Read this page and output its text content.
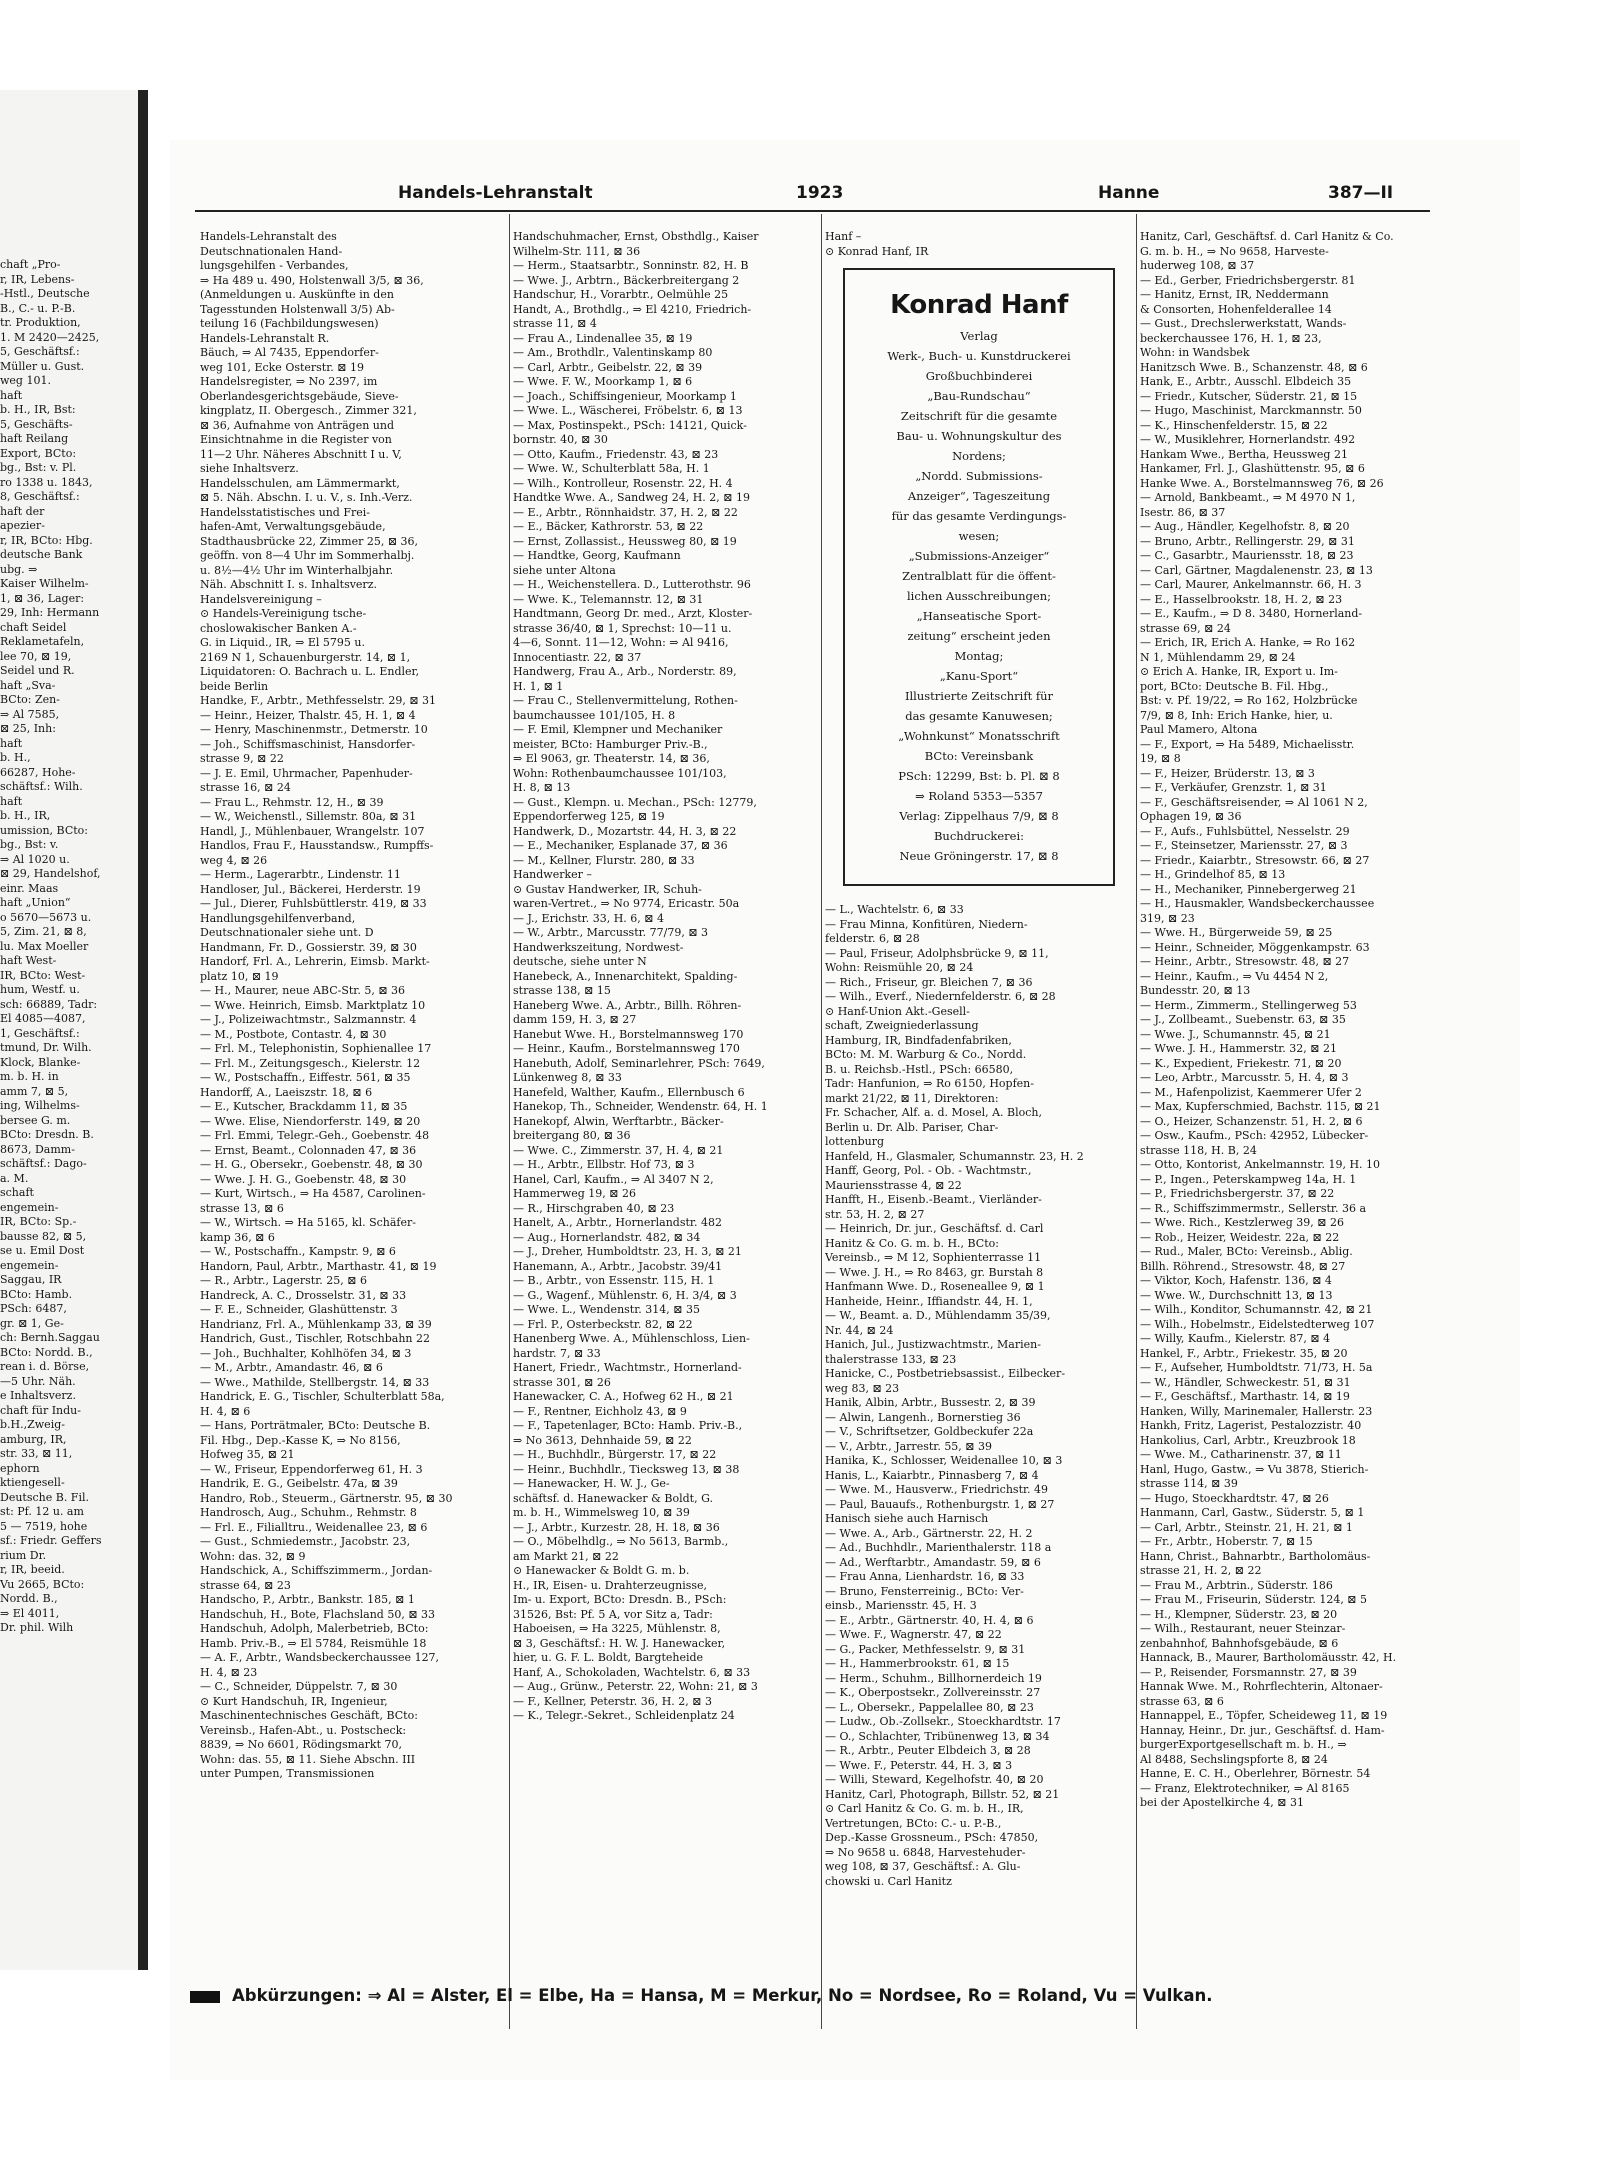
chaft „Pro-
r, IR, Lebens-
-Hstl., Deutsche
B., C.- u. P.-B.
tr. Produktion,
1. M 2420—2425,
5, Geschäftsf.:
Müller u. Gust.
weg 101.
haft
b. H., IR, Bst:
5, Geschäfts-
haft Reilang
Export, BCto:
bg., Bst: v. Pl.
ro 1338 u. 1843,
8, Geschäftsf.:
haft der
apezier-
r, IR, BCto: Hbg.
deutsche Bank
ubg. ⇒
Kaiser Wilhelm-
1, ⊠ 36, Lager:
29, Inh: Hermann
chaft Seidel
Reklametafeln,
lee 70, ⊠ 19,
Seidel und R.
haft „Sva-
BCto: Zen-
⇒ Al 7585,
⊠ 25, Inh:
haft
b. H.,
66287, Hohe-
schäftsf.: Wilh.
haft
b. H., IR,
umission, BCto:
bg., Bst: v.
⇒ Al 1020 u.
⊠ 29, Handelshof,
einr. Maas
haft „Union“
o 5670—5673 u.
5, Zim. 21, ⊠ 8,
lu. Max Moeller
haft West-
IR, BCto: West-
hum, Westf. u.
sch: 66889, Tadr:
El 4085—4087,
1, Geschäftsf.:
tmund, Dr. Wilh.
Klock, Blanke-
m. b. H. in
amm 7, ⊠ 5,
ing, Wilhelms-
bersee G. m.
BCto: Dresdn. B.
8673, Damm-
schäftsf.: Dago-
a. M.
schaft
engemein-
IR, BCto: Sp.-
bausse 82, ⊠ 5,
se u. Emil Dost
engemein-
Saggau, IR
BCto: Hamb.
PSch: 6487,
gr. ⊠ 1, Ge-
ch: Bernh.Saggau
BCto: Nordd. B.,
rean i. d. Börse,
—5 Uhr. Näh.
e Inhaltsverz.
chaft für Indu-
b.H.,Zweig-
amburg, IR,
str. 33, ⊠ 11,
ephorn
ktiengesell-
Deutsche B. Fil.
st: Pf. 12 u. am
5 — 7519, hohe
sf.: Friedr. Geffers
rium Dr.
r, IR, beeid.
Vu 2665, BCto:
Nordd. B.,
⇒ El 4011,
Dr. phil. Wilh
Handels-Lehranstalt	1923	Hanne	387—II
Handels-Lehranstalt des
Deutschnationalen Hand-
lungsgehilfen - Verbandes,
⇒ Ha 489 u. 490, Holstenwall 3/5, ⊠ 36,
(Anmeldungen u. Auskünfte in den
Tagesstunden Holstenwall 3/5) Ab-
teilung 16 (Fachbildungswesen)
Handels-Lehranstalt R.
Bäuch, ⇒ Al 7435, Eppendorfer-
weg 101, Ecke Osterstr. ⊠ 19
Handelsregister, ⇒ No 2397, im
Oberlandesgerichtsgebäude, Sieve-
kingplatz, II. Obergesch., Zimmer 321,
⊠ 36, Aufnahme von Anträgen und
Einsichtnahme in die Register von
11—2 Uhr. Näheres Abschnitt I u. V,
siehe Inhaltsverz.
Handelsschulen, am Lämmermarkt,
⊠ 5. Näh. Abschn. I. u. V., s. Inh.-Verz.
Handelsstatistisches und Frei-
hafen-Amt, Verwaltungsgebäude,
Stadthausbrücke 22, Zimmer 25, ⊠ 36,
geöffn. von 8—4 Uhr im Sommerhalbj.
u. 8½—4½ Uhr im Winterhalbjahr.
Näh. Abschnitt I. s. Inhaltsverz.
Handelsvereinigung –
⊙ Handels-Vereinigung tsche-
choslowakischer Banken A.-
G. in Liquid., IR, ⇒ El 5795 u.
2169 N 1, Schauenburgerstr. 14, ⊠ 1,
Liquidatoren: O. Bachrach u. L. Endler,
beide Berlin
Handke, F., Arbtr., Methfesselstr. 29, ⊠ 31
— Heinr., Heizer, Thalstr. 45, H. 1, ⊠ 4
— Henry, Maschinenmstr., Detmerstr. 10
— Joh., Schiffsmaschinist, Hansdorfer-
strasse 9, ⊠ 22
— J. E. Emil, Uhrmacher, Papenhuder-
strasse 16, ⊠ 24
— Frau L., Rehmstr. 12, H., ⊠ 39
— W., Weichenstl., Sillemstr. 80a, ⊠ 31
Handl, J., Mühlenbauer, Wrangelstr. 107
Handlos, Frau F., Hausstandsw., Rumpffs-
weg 4, ⊠ 26
— Herm., Lagerarbtr., Lindenstr. 11
Handloser, Jul., Bäckerei, Herderstr. 19
— Jul., Dierer, Fuhlsbüttlerstr. 419, ⊠ 33
Handlungsgehilfenverband,
Deutschnationaler siehe unt. D
Handmann, Fr. D., Gossierstr. 39, ⊠ 30
Handorf, Frl. A., Lehrerin, Eimsb. Markt-
platz 10, ⊠ 19
— H., Maurer, neue ABC-Str. 5, ⊠ 36
— Wwe. Heinrich, Eimsb. Marktplatz 10
— J., Polizeiwachtmstr., Salzmannstr. 4
— M., Postbote, Contastr. 4, ⊠ 30
— Frl. M., Telephonistin, Sophienallee 17
— Frl. M., Zeitungsgesch., Kielerstr. 12
— W., Postschaffn., Eiffestr. 561, ⊠ 35
Handorff, A., Laeiszstr. 18, ⊠ 6
— E., Kutscher, Brackdamm 11, ⊠ 35
— Wwe. Elise, Niendorferstr. 149, ⊠ 20
— Frl. Emmi, Telegr.-Geh., Goebenstr. 48
— Ernst, Beamt., Colonnaden 47, ⊠ 36
— H. G., Obersekr., Goebenstr. 48, ⊠ 30
— Wwe. J. H. G., Goebenstr. 48, ⊠ 30
— Kurt, Wirtsch., ⇒ Ha 4587, Carolinen-
strasse 13, ⊠ 6
— W., Wirtsch. ⇒ Ha 5165, kl. Schäfer-
kamp 36, ⊠ 6
— W., Postschaffn., Kampstr. 9, ⊠ 6
Handorn, Paul, Arbtr., Marthastr. 41, ⊠ 19
— R., Arbtr., Lagerstr. 25, ⊠ 6
Handreck, A. C., Drosselstr. 31, ⊠ 33
— F. E., Schneider, Glashüttenstr. 3
Handrianz, Frl. A., Mühlenkamp 33, ⊠ 39
Handrich, Gust., Tischler, Rotschbahn 22
— Joh., Buchhalter, Kohlhöfen 34, ⊠ 3
— M., Arbtr., Amandastr. 46, ⊠ 6
— Wwe., Mathilde, Stellbergstr. 14, ⊠ 33
Handrick, E. G., Tischler, Schulterblatt 58a,
H. 4, ⊠ 6
— Hans, Porträtmaler, BCto: Deutsche B.
Fil. Hbg., Dep.-Kasse K, ⇒ No 8156,
Hofweg 35, ⊠ 21
— W., Friseur, Eppendorferweg 61, H. 3
Handrik, E. G., Geibelstr. 47a, ⊠ 39
Handro, Rob., Steuerm., Gärtnerstr. 95, ⊠ 30
Handrosch, Aug., Schuhm., Rehmstr. 8
— Frl. E., Filialltru., Weidenallee 23, ⊠ 6
— Gust., Schmiedemstr., Jacobstr. 23,
Wohn: das. 32, ⊠ 9
Handschick, A., Schiffszimmerm., Jordan-
strasse 64, ⊠ 23
Handscho, P., Arbtr., Bankstr. 185, ⊠ 1
Handschuh, H., Bote, Flachsland 50, ⊠ 33
Handschuh, Adolph, Malerbetrieb, BCto:
Hamb. Priv.-B., ⇒ El 5784, Reismühle 18
— A. F., Arbtr., Wandsbeckerchaussee 127,
H. 4, ⊠ 23
— C., Schneider, Düppelstr. 7, ⊠ 30
⊙ Kurt Handschuh, IR, Ingenieur,
Maschinentechnisches Geschäft, BCto:
Vereinsb., Hafen-Abt., u. Postscheck:
8839, ⇒ No 6601, Rödingsmarkt 70,
Wohn: das. 55, ⊠ 11. Siehe Abschn. III
unter Pumpen, Transmissionen
Handschuhmacher, Ernst, Obsthdlg., Kaiser
Wilhelm-Str. 111, ⊠ 36
— Herm., Staatsarbtr., Sonninstr. 82, H. B
— Wwe. J., Arbtrn., Bäckerbreitergang 2
Handschur, H., Vorarbtr., Oelmühle 25
Handt, A., Brothdlg., ⇒ El 4210, Friedrich-
strasse 11, ⊠ 4
— Frau A., Lindenallee 35, ⊠ 19
— Am., Brothdlr., Valentinskamp 80
— Carl, Arbtr., Geibelstr. 22, ⊠ 39
— Wwe. F. W., Moorkamp 1, ⊠ 6
— Joach., Schiffsingenieur, Moorkamp 1
— Wwe. L., Wäscherei, Fröbelstr. 6, ⊠ 13
— Max, Postinspekt., PSch: 14121, Quick-
bornstr. 40, ⊠ 30
— Otto, Kaufm., Friedenstr. 43, ⊠ 23
— Wwe. W., Schulterblatt 58a, H. 1
— Wilh., Kontrolleur, Rosenstr. 22, H. 4
Handtke Wwe. A., Sandweg 24, H. 2, ⊠ 19
— E., Arbtr., Rönnhaidstr. 37, H. 2, ⊠ 22
— E., Bäcker, Kathrorstr. 53, ⊠ 22
— Ernst, Zollassist., Heussweg 80, ⊠ 19
— Handtke, Georg, Kaufmann
siehe unter Altona
— H., Weichenstellera. D., Lutterothstr. 96
— Wwe. K., Telemannstr. 12, ⊠ 31
Handtmann, Georg Dr. med., Arzt, Kloster-
strasse 36/40, ⊠ 1, Sprechst: 10—11 u.
4—6, Sonnt. 11—12, Wohn: ⇒ Al 9416,
Innocentiastr. 22, ⊠ 37
Handwerg, Frau A., Arb., Norderstr. 89,
H. 1, ⊠ 1
— Frau C., Stellenvermittelung, Rothen-
baumchaussee 101/105, H. 8
— F. Emil, Klempner und Mechaniker
meister, BCto: Hamburger Priv.-B.,
⇒ El 9063, gr. Theaterstr. 14, ⊠ 36,
Wohn: Rothenbaumchaussee 101/103,
H. 8, ⊠ 13
— Gust., Klempn. u. Mechan., PSch: 12779,
Eppendorferweg 125, ⊠ 19
Handwerk, D., Mozartstr. 44, H. 3, ⊠ 22
— E., Mechaniker, Esplanade 37, ⊠ 36
— M., Kellner, Flurstr. 280, ⊠ 33
Handwerker –
⊙ Gustav Handwerker, IR, Schuh-
waren-Vertret., ⇒ No 9774, Ericastr. 50a
— J., Erichstr. 33, H. 6, ⊠ 4
— W., Arbtr., Marcusstr. 77/79, ⊠ 3
Handwerkszeitung, Nordwest-
deutsche, siehe unter N
Hanebeck, A., Innenarchitekt, Spalding-
strasse 138, ⊠ 15
Haneberg Wwe. A., Arbtr., Billh. Röhren-
damm 159, H. 3, ⊠ 27
Hanebut Wwe. H., Borstelmannsweg 170
— Heinr., Kaufm., Borstelmannsweg 170
Hanebuth, Adolf, Seminarlehrer, PSch: 7649,
Lünkenweg 8, ⊠ 33
Hanefeld, Walther, Kaufm., Ellernbusch 6
Hanekop, Th., Schneider, Wendenstr. 64, H. 1
Hanekopf, Alwin, Werftarbtr., Bäcker-
breitergang 80, ⊠ 36
— Wwe. C., Zimmerstr. 37, H. 4, ⊠ 21
— H., Arbtr., Ellbstr. Hof 73, ⊠ 3
Hanel, Carl, Kaufm., ⇒ Al 3407 N 2,
Hammerweg 19, ⊠ 26
— R., Hirschgraben 40, ⊠ 23
Hanelt, A., Arbtr., Hornerlandstr. 482
— Aug., Hornerlandstr. 482, ⊠ 34
— J., Dreher, Humboldtstr. 23, H. 3, ⊠ 21
Hanemann, A., Arbtr., Jacobstr. 39/41
— B., Arbtr., von Essenstr. 115, H. 1
— G., Wagenf., Mühlenstr. 6, H. 3/4, ⊠ 3
— Wwe. L., Wendenstr. 314, ⊠ 35
— Frl. P., Osterbeckstr. 82, ⊠ 22
Hanenberg Wwe. A., Mühlenschloss, Lien-
hardstr. 7, ⊠ 33
Hanert, Friedr., Wachtmstr., Hornerland-
strasse 301, ⊠ 26
Hanewacker, C. A., Hofweg 62 H., ⊠ 21
— F., Rentner, Eichholz 43, ⊠ 9
— F., Tapetenlager, BCto: Hamb. Priv.-B.,
⇒ No 3613, Dehnhaide 59, ⊠ 22
— H., Buchhdlr., Bürgerstr. 17, ⊠ 22
— Heinr., Buchhdlr., Tiecksweg 13, ⊠ 38
— Hanewacker, H. W. J., Ge-
schäftsf. d. Hanewacker & Boldt, G.
m. b. H., Wimmelsweg 10, ⊠ 39
— J., Arbtr., Kurzestr. 28, H. 18, ⊠ 36
— O., Möbelhdlg., ⇒ No 5613, Barmb.,
am Markt 21, ⊠ 22
⊙ Hanewacker & Boldt G. m. b.
H., IR, Eisen- u. Drahterzeugnisse,
Im- u. Export, BCto: Dresdn. B., PSch:
31526, Bst: Pf. 5 A, vor Sitz a, Tadr:
Haboeisen, ⇒ Ha 3225, Mühlenstr. 8,
⊠ 3, Geschäftsf.: H. W. J. Hanewacker,
hier, u. G. F. L. Boldt, Bargteheide
Hanf, A., Schokoladen, Wachtelstr. 6, ⊠ 33
— Aug., Grünw., Peterstr. 22, Wohn: 21, ⊠ 3
— F., Kellner, Peterstr. 36, H. 2, ⊠ 3
— K., Telegr.-Sekret., Schleidenplatz 24
Hanf –
⊙ Konrad Hanf, IR
Konrad Hanf
Verlag
Werk-, Buch- u. Kunstdruckerei
Großbuchbinderei
„Bau-Rundschau“
Zeitschrift für die gesamte
Bau- u. Wohnungskultur des
Nordens;
„Nordd. Submissions-
Anzeiger“, Tageszeitung
für das gesamte Verdingungs-
wesen;
„Submissions-Anzeiger“
Zentralblatt für die öffent-
lichen Ausschreibungen;
„Hanseatische Sport-
zeitung“ erscheint jeden
Montag;
„Kanu-Sport“
Illustrierte Zeitschrift für
das gesamte Kanuwesen;
„Wohnkunst“ Monatsschrift
BCto: Vereinsbank
PSch: 12299, Bst: b. Pl. ⊠ 8
⇒ Roland 5353—5357
Verlag: Zippelhaus 7/9, ⊠ 8
Buchdruckerei:
Neue Gröningerstr. 17, ⊠ 8
— L., Wachtelstr. 6, ⊠ 33
— Frau Minna, Konfitüren, Niedern-
felderstr. 6, ⊠ 28
— Paul, Friseur, Adolphsbrücke 9, ⊠ 11,
Wohn: Reismühle 20, ⊠ 24
— Rich., Friseur, gr. Bleichen 7, ⊠ 36
— Wilh., Everf., Niedernfelderstr. 6, ⊠ 28
⊙ Hanf-Union Akt.-Gesell-
schaft, Zweigniederlassung
Hamburg, IR, Bindfadenfabriken,
BCto: M. M. Warburg & Co., Nordd.
B. u. Reichsb.-Hstl., PSch: 66580,
Tadr: Hanfunion, ⇒ Ro 6150, Hopfen-
markt 21/22, ⊠ 11, Direktoren:
Fr. Schacher, Alf. a. d. Mosel, A. Bloch,
Berlin u. Dr. Alb. Pariser, Char-
lottenburg
Hanfeld, H., Glasmaler, Schumannstr. 23, H. 2
Hanff, Georg, Pol. - Ob. - Wachtmstr.,
Mauriensstrasse 4, ⊠ 22
Hanfft, H., Eisenb.-Beamt., Vierländer-
str. 53, H. 2, ⊠ 27
— Heinrich, Dr. jur., Geschäftsf. d. Carl
Hanitz & Co. G. m. b. H., BCto:
Vereinsb., ⇒ M 12, Sophienterrasse 11
— Wwe. J. H., ⇒ Ro 8463, gr. Burstah 8
Hanfmann Wwe. D., Roseneallee 9, ⊠ 1
Hanheide, Heinr., Iffiandstr. 44, H. 1,
— W., Beamt. a. D., Mühlendamm 35/39,
Nr. 44, ⊠ 24
Hanich, Jul., Justizwachtmstr., Marien-
thalerstrasse 133, ⊠ 23
Hanicke, C., Postbetriebsassist., Eilbecker-
weg 83, ⊠ 23
Hanik, Albin, Arbtr., Bussestr. 2, ⊠ 39
— Alwin, Langenh., Bornerstieg 36
— V., Schriftsetzer, Goldbeckufer 22a
— V., Arbtr., Jarrestr. 55, ⊠ 39
Hanika, K., Schlosser, Weidenallee 10, ⊠ 3
Hanis, L., Kaiarbtr., Pinnasberg 7, ⊠ 4
— Wwe. M., Hausverw., Friedrichstr. 49
— Paul, Bauaufs., Rothenburgstr. 1, ⊠ 27
Hanisch siehe auch Harnisch
— Wwe. A., Arb., Gärtnerstr. 22, H. 2
— Ad., Buchhdlr., Marienthalerstr. 118 a
— Ad., Werftarbtr., Amandastr. 59, ⊠ 6
— Frau Anna, Lienhardstr. 16, ⊠ 33
— Bruno, Fensterreinig., BCto: Ver-
einsb., Mariensstr. 45, H. 3
— E., Arbtr., Gärtnerstr. 40, H. 4, ⊠ 6
— Wwe. F., Wagnerstr. 47, ⊠ 22
— G., Packer, Methfesselstr. 9, ⊠ 31
— H., Hammerbrookstr. 61, ⊠ 15
— Herm., Schuhm., Billhornerdeich 19
— K., Oberpostsekr., Zollvereinsstr. 27
— L., Obersekr., Pappelallee 80, ⊠ 23
— Ludw., Ob.-Zollsekr., Stoeckhardtstr. 17
— O., Schlachter, Tribünenweg 13, ⊠ 34
— R., Arbtr., Peuter Elbdeich 3, ⊠ 28
— Wwe. F., Peterstr. 44, H. 3, ⊠ 3
— Willi, Steward, Kegelhofstr. 40, ⊠ 20
Hanitz, Carl, Photograph, Billstr. 52, ⊠ 21
⊙ Carl Hanitz & Co. G. m. b. H., IR,
Vertretungen, BCto: C.- u. P.-B.,
Dep.-Kasse Grossneum., PSch: 47850,
⇒ No 9658 u. 6848, Harvestehuder-
weg 108, ⊠ 37, Geschäftsf.: A. Glu-
chowski u. Carl Hanitz
Hanitz, Carl, Geschäftsf. d. Carl Hanitz & Co.
G. m. b. H., ⇒ No 9658, Harveste-
huderweg 108, ⊠ 37
— Ed., Gerber, Friedrichsbergerstr. 81
— Hanitz, Ernst, IR, Neddermann
& Consorten, Hohenfelderallee 14
— Gust., Drechslerwerkstatt, Wands-
beckerchaussee 176, H. 1, ⊠ 23,
Wohn: in Wandsbek
Hanitzsch Wwe. B., Schanzenstr. 48, ⊠ 6
Hank, E., Arbtr., Ausschl. Elbdeich 35
— Friedr., Kutscher, Süderstr. 21, ⊠ 15
— Hugo, Maschinist, Marckmannstr. 50
— K., Hinschenfelderstr. 15, ⊠ 22
— W., Musiklehrer, Hornerlandstr. 492
Hankam Wwe., Bertha, Heussweg 21
Hankamer, Frl. J., Glashüttenstr. 95, ⊠ 6
Hanke Wwe. A., Borstelmannsweg 76, ⊠ 26
— Arnold, Bankbeamt., ⇒ M 4970 N 1,
Isestr. 86, ⊠ 37
— Aug., Händler, Kegelhofstr. 8, ⊠ 20
— Bruno, Arbtr., Rellingerstr. 29, ⊠ 31
— C., Gasarbtr., Mauriensstr. 18, ⊠ 23
— Carl, Gärtner, Magdalenenstr. 23, ⊠ 13
— Carl, Maurer, Ankelmannstr. 66, H. 3
— E., Hasselbrookstr. 18, H. 2, ⊠ 23
— E., Kaufm., ⇒ D 8. 3480, Hornerland-
strasse 69, ⊠ 24
— Erich, IR, Erich A. Hanke, ⇒ Ro 162
N 1, Mühlendamm 29, ⊠ 24
⊙ Erich A. Hanke, IR, Export u. Im-
port, BCto: Deutsche B. Fil. Hbg.,
Bst: v. Pf. 19/22, ⇒ Ro 162, Holzbrücke
7/9, ⊠ 8, Inh: Erich Hanke, hier, u.
Paul Mamero, Altona
— F., Export, ⇒ Ha 5489, Michaelisstr.
19, ⊠ 8
— F., Heizer, Brüderstr. 13, ⊠ 3
— F., Verkäufer, Grenzstr. 1, ⊠ 31
— F., Geschäftsreisender, ⇒ Al 1061 N 2,
Ophagen 19, ⊠ 36
— F., Aufs., Fuhlsbüttel, Nesselstr. 29
— F., Steinsetzer, Mariensstr. 27, ⊠ 3
— Friedr., Kaiarbtr., Stresowstr. 66, ⊠ 27
— H., Grindelhof 85, ⊠ 13
— H., Mechaniker, Pinnebergerweg 21
— H., Hausmakler, Wandsbeckerchaussee
319, ⊠ 23
— Wwe. H., Bürgerweide 59, ⊠ 25
— Heinr., Schneider, Möggenkampstr. 63
— Heinr., Arbtr., Stresowstr. 48, ⊠ 27
— Heinr., Kaufm., ⇒ Vu 4454 N 2,
Bundesstr. 20, ⊠ 13
— Herm., Zimmerm., Stellingerweg 53
— J., Zollbeamt., Suebenstr. 63, ⊠ 35
— Wwe. J., Schumannstr. 45, ⊠ 21
— Wwe. J. H., Hammerstr. 32, ⊠ 21
— K., Expedient, Friekestr. 71, ⊠ 20
— Leo, Arbtr., Marcusstr. 5, H. 4, ⊠ 3
— M., Hafenpolizist, Kaemmerer Ufer 2
— Max, Kupferschmied, Bachstr. 115, ⊠ 21
— O., Heizer, Schanzenstr. 51, H. 2, ⊠ 6
— Osw., Kaufm., PSch: 42952, Lübecker-
strasse 118, H. B, 24
— Otto, Kontorist, Ankelmannstr. 19, H. 10
— P., Ingen., Peterskampweg 14a, H. 1
— P., Friedrichsbergerstr. 37, ⊠ 22
— R., Schiffszimmermstr., Sellerstr. 36 a
— Wwe. Rich., Kestzlerweg 39, ⊠ 26
— Rob., Heizer, Weidestr. 22a, ⊠ 22
— Rud., Maler, BCto: Vereinsb., Ablig.
Billh. Röhrend., Stresowstr. 48, ⊠ 27
— Viktor, Koch, Hafenstr. 136, ⊠ 4
— Wwe. W., Durchschnitt 13, ⊠ 13
— Wilh., Konditor, Schumannstr. 42, ⊠ 21
— Wilh., Hobelmstr., Eidelstedterweg 107
— Willy, Kaufm., Kielerstr. 87, ⊠ 4
Hankel, F., Arbtr., Friekestr. 35, ⊠ 20
— F., Aufseher, Humboldtstr. 71/73, H. 5a
— W., Händler, Schweckestr. 51, ⊠ 31
— F., Geschäftsf., Marthastr. 14, ⊠ 19
Hanken, Willy, Marinemaler, Hallerstr. 23
Hankh, Fritz, Lagerist, Pestalozzistr. 40
Hankolius, Carl, Arbtr., Kreuzbrook 18
— Wwe. M., Catharinenstr. 37, ⊠ 11
Hanl, Hugo, Gastw., ⇒ Vu 3878, Stierich-
strasse 114, ⊠ 39
— Hugo, Stoeckhardtstr. 47, ⊠ 26
Hanmann, Carl, Gastw., Süderstr. 5, ⊠ 1
— Carl, Arbtr., Steinstr. 21, H. 21, ⊠ 1
— Fr., Arbtr., Hoberstr. 7, ⊠ 15
Hann, Christ., Bahnarbtr., Bartholomäus-
strasse 21, H. 2, ⊠ 22
— Frau M., Arbtrin., Süderstr. 186
— Frau M., Friseurin, Süderstr. 124, ⊠ 5
— H., Klempner, Süderstr. 23, ⊠ 20
— Wilh., Restaurant, neuer Steinzar-
zenbahnhof, Bahnhofsgebäude, ⊠ 6
Hannack, B., Maurer, Bartholomäusstr. 42, H.
— P., Reisender, Forsmannstr. 27, ⊠ 39
Hannak Wwe. M., Rohrflechterin, Altonaer-
strasse 63, ⊠ 6
Hannappel, E., Töpfer, Scheideweg 11, ⊠ 19
Hannay, Heinr., Dr. jur., Geschäftsf. d. Ham-
burgerExportgesellschaft m. b. H., ⇒
Al 8488, Sechslingspforte 8, ⊠ 24
Hanne, E. C. H., Oberlehrer, Börnestr. 54
— Franz, Elektrotechniker, ⇒ Al 8165
bei der Apostelkirche 4, ⊠ 31
Abkürzungen: ⇒ Al = Alster, El = Elbe, Ha = Hansa, M = Merkur, No = Nordsee, Ro = Roland, Vu = Vulkan.
